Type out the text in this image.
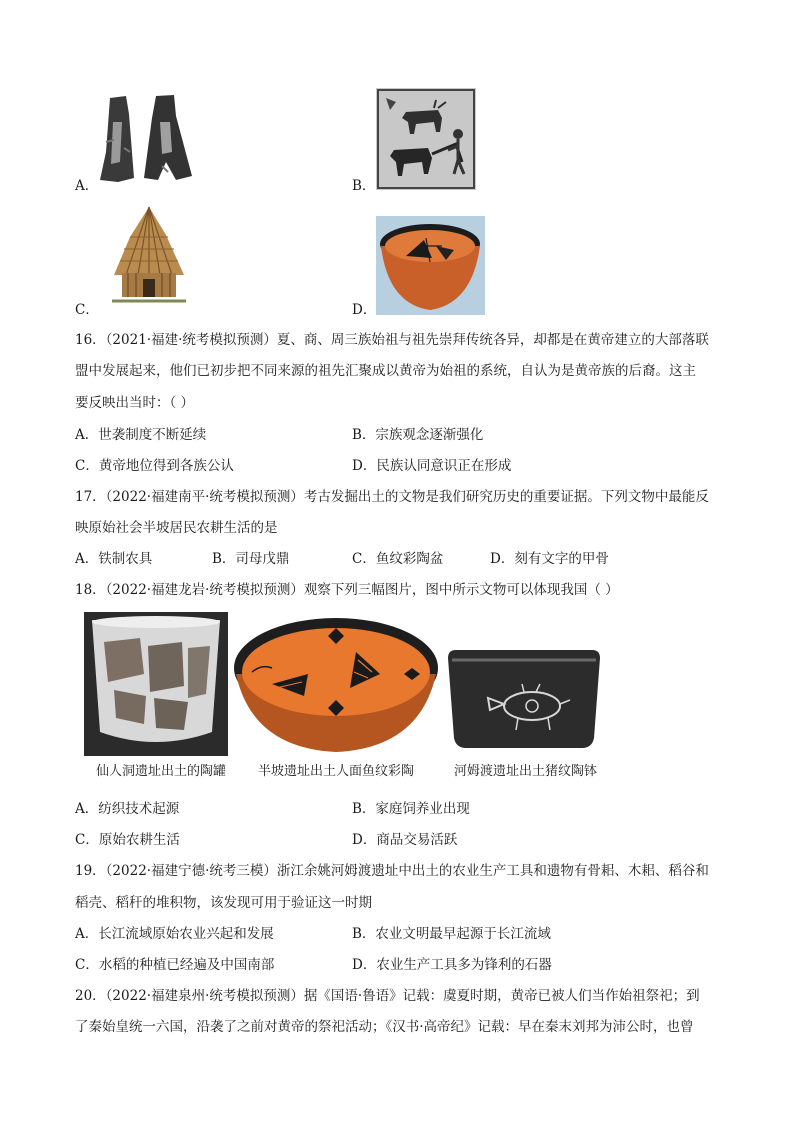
A．	B．
C．	D．
16．（2021·福建·统考模拟预测）夏、商、周三族始祖与祖先崇拜传统各异，却都是在黄帝建立的大部落联
盟中发展起来，他们已初步把不同来源的祖先汇聚成以黄帝为始祖的系统，自认为是黄帝族的后裔。这主
要反映出当时：（ ）
A．世袭制度不断延续	B．宗族观念逐渐强化
C．黄帝地位得到各族公认	D．民族认同意识正在形成
17．（2022·福建南平·统考模拟预测）考古发掘出土的文物是我们研究历史的重要证据。下列文物中最能反
映原始社会半坡居民农耕生活的是
A．铁制农具	B．司母戊鼎	C．鱼纹彩陶盆	D．刻有文字的甲骨
18．（2022·福建龙岩·统考模拟预测）观察下列三幅图片，图中所示文物可以体现我国（ ）
仙人洞遗址出土的陶罐 半坡遗址出土人面鱼纹彩陶	河姆渡遗址出土猪纹陶钵
A．纺织技术起源	B．家庭饲养业出现
C．原始农耕生活	D．商品交易活跃
19．（2022·福建宁德·统考三模）浙江余姚河姆渡遗址中出土的农业生产工具和遗物有骨耜、木耜、稻谷和
稻壳、稻秆的堆积物，该发现可用于验证这一时期
A．长江流域原始农业兴起和发展	B．农业文明最早起源于长江流域
C．水稻的种植已经遍及中国南部	D．农业生产工具多为锋利的石器
20．（2022·福建泉州·统考模拟预测）据《国语·鲁语》记载：虞夏时期，黄帝已被人们当作始祖祭祀；到
了秦始皇统一六国，沿袭了之前对黄帝的祭祀活动；《汉书·高帝纪》记载：早在秦末刘邦为沛公时，也曾
